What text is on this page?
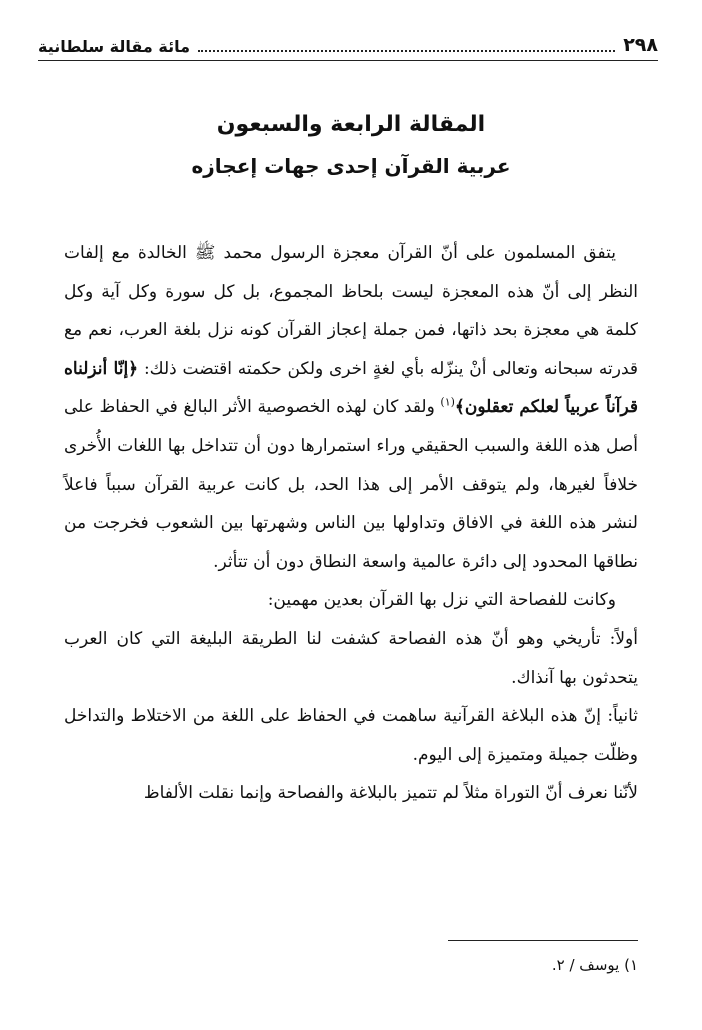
٢٩٨
مائة مقالة سلطانية
المقالة الرابعة والسبعون
عربية القرآن إحدى جهات إعجازه

يتفق المسلمون على أنّ القرآن معجزة الرسول محمد ﷺ الخالدة مع إلفات النظر إلى أنّ هذه المعجزة ليست بلحاظ المجموع، بل كل سورة وكل آية وكل كلمة هي معجزة بحد ذاتها، فمن جملة إعجاز القرآن كونه نزل بلغة العرب، نعم مع قدرته سبحانه وتعالى أنْ ينزّله بأي لغةٍ اخرى ولكن حكمته اقتضت ذلك: ﴿إنّا أنزلناه قرآناً عربياً لعلكم تعقلون﴾$^{(١)}$ ولقد كان لهذه الخصوصية الأثر البالغ في الحفاظ على أصل هذه اللغة والسبب الحقيقي وراء استمرارها دون أن تتداخل بها اللغات الأُخرى خلافاً لغيرها، ولم يتوقف الأمر إلى هذا الحد، بل كانت عربية القرآن سبباً فاعلاً لنشر هذه اللغة في الافاق وتداولها بين الناس وشهرتها بين الشعوب فخرجت من نطاقها المحدود إلى دائرة عالمية واسعة النطاق دون أن تتأثر.

وكانت للفصاحة التي نزل بها القرآن بعدين مهمين:

أولاً: تأريخي وهو أنّ هذه الفصاحة كشفت لنا الطريقة البليغة التي كان العرب يتحدثون بها آنذاك.

ثانياً: إنّ هذه البلاغة القرآنية ساهمت في الحفاظ على اللغة من الاختلاط والتداخل وظلّت جميلة ومتميزة إلى اليوم.

لأنّنا نعرف أنّ التوراة مثلاً لم تتميز بالبلاغة والفصاحة وإنما نقلت الألفاظ

١) يوسف / ٢.
